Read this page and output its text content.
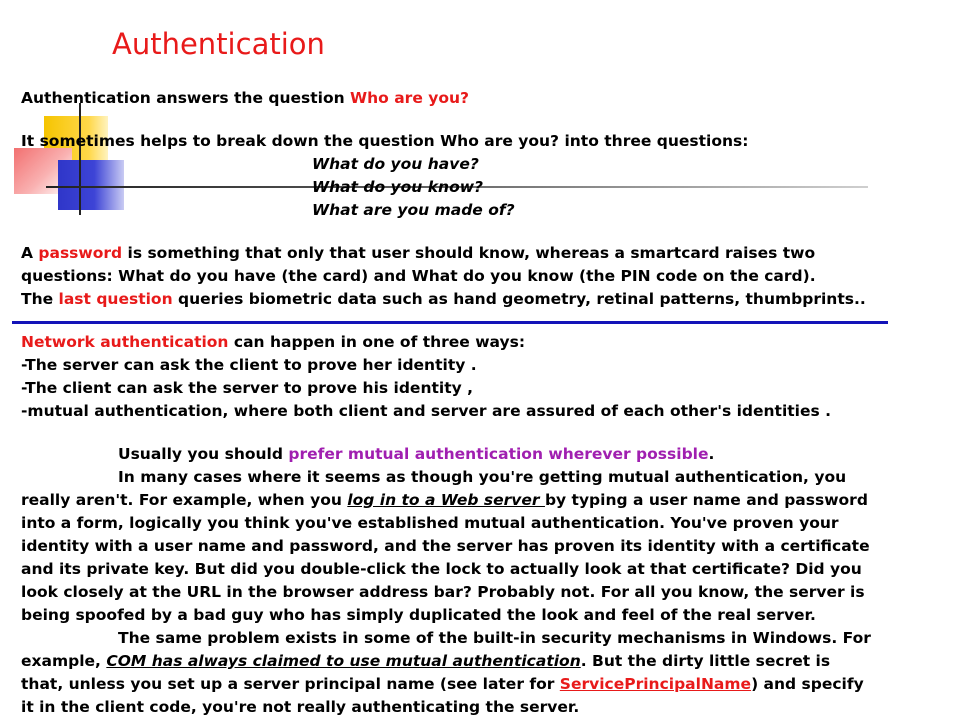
Authentication
Authentication answers the question Who are you?
It sometimes helps to break down the question Who are you? into three questions:
What do you have?
What do you know?
What are you made of?
A password is something that only that user should know, whereas a smartcard raises two
questions: What do you have (the card) and What do you know (the PIN code on the card).
The last question queries biometric data such as hand geometry, retinal patterns, thumbprints..
Network authentication can happen in one of three ways:
-The server can ask the client to prove her identity .
-The client can ask the server to prove his identity ,
-mutual authentication, where both client and server are assured of each other's identities .
Usually you should prefer mutual authentication wherever possible.
In many cases where it seems as though you're getting mutual authentication, you
really aren't. For example, when you log in to a Web server by typing a user name and password
into a form, logically you think you've established mutual authentication. You've proven your
identity with a user name and password, and the server has proven its identity with a certificate
and its private key. But did you double-click the lock to actually look at that certificate? Did you
look closely at the URL in the browser address bar? Probably not. For all you know, the server is
being spoofed by a bad guy who has simply duplicated the look and feel of the real server.
The same problem exists in some of the built-in security mechanisms in Windows. For
example, COM has always claimed to use mutual authentication. But the dirty little secret is
that, unless you set up a server principal name (see later for ServicePrincipalName) and specify
it in the client code, you're not really authenticating the server.
